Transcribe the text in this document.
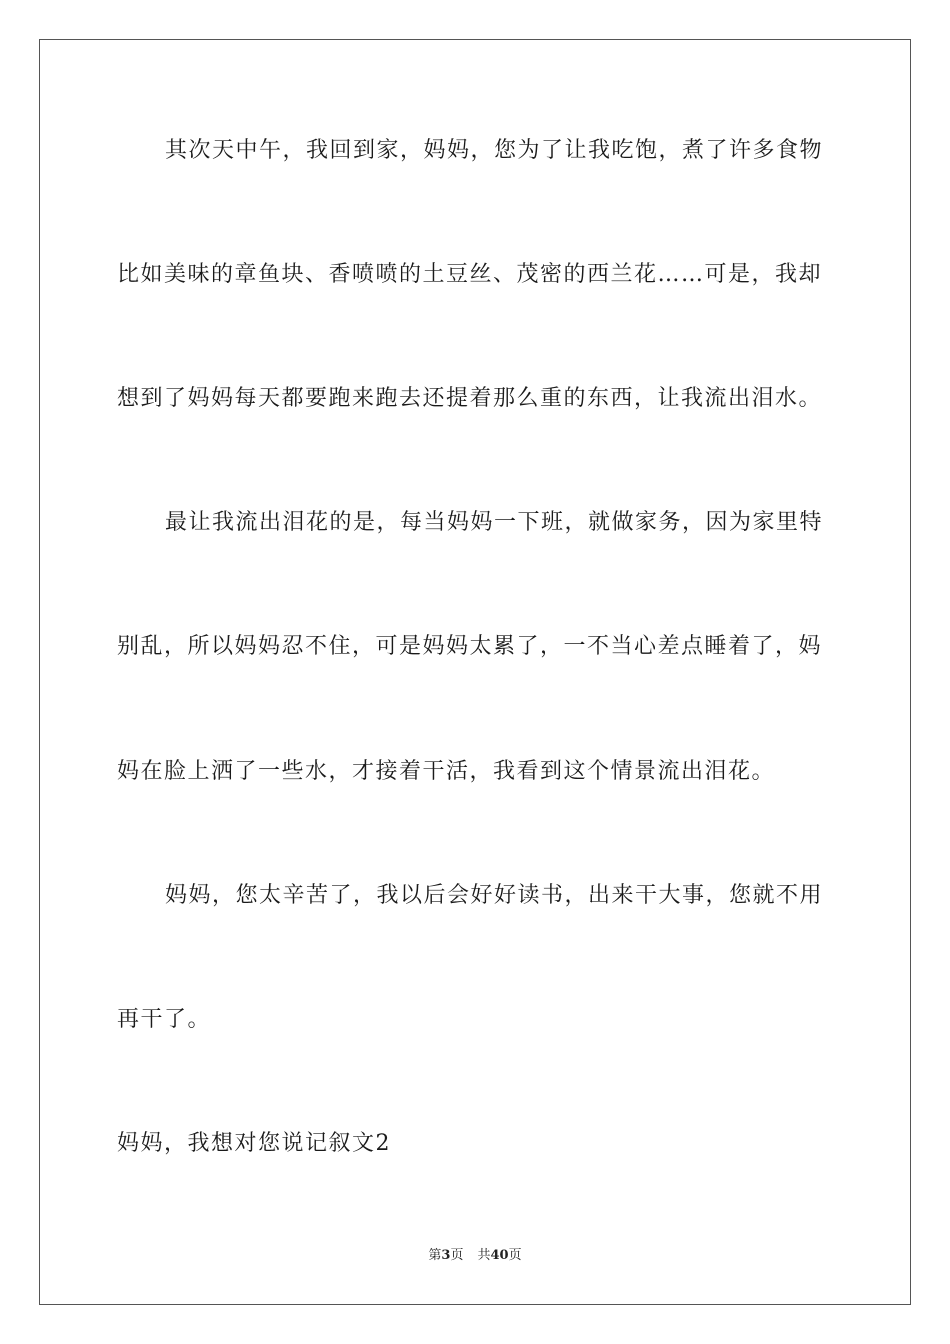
其次天中午，我回到家，妈妈，您为了让我吃饱，煮了许多食物
比如美味的章鱼块、香喷喷的土豆丝、茂密的西兰花……可是，我却
想到了妈妈每天都要跑来跑去还提着那么重的东西，让我流出泪水。
最让我流出泪花的是，每当妈妈一下班，就做家务，因为家里特
别乱，所以妈妈忍不住，可是妈妈太累了，一不当心差点睡着了，妈
妈在脸上洒了一些水，才接着干活，我看到这个情景流出泪花。
妈妈，您太辛苦了，我以后会好好读书，出来干大事，您就不用
再干了。
妈妈，我想对您说记叙文2
第3页 共40页
